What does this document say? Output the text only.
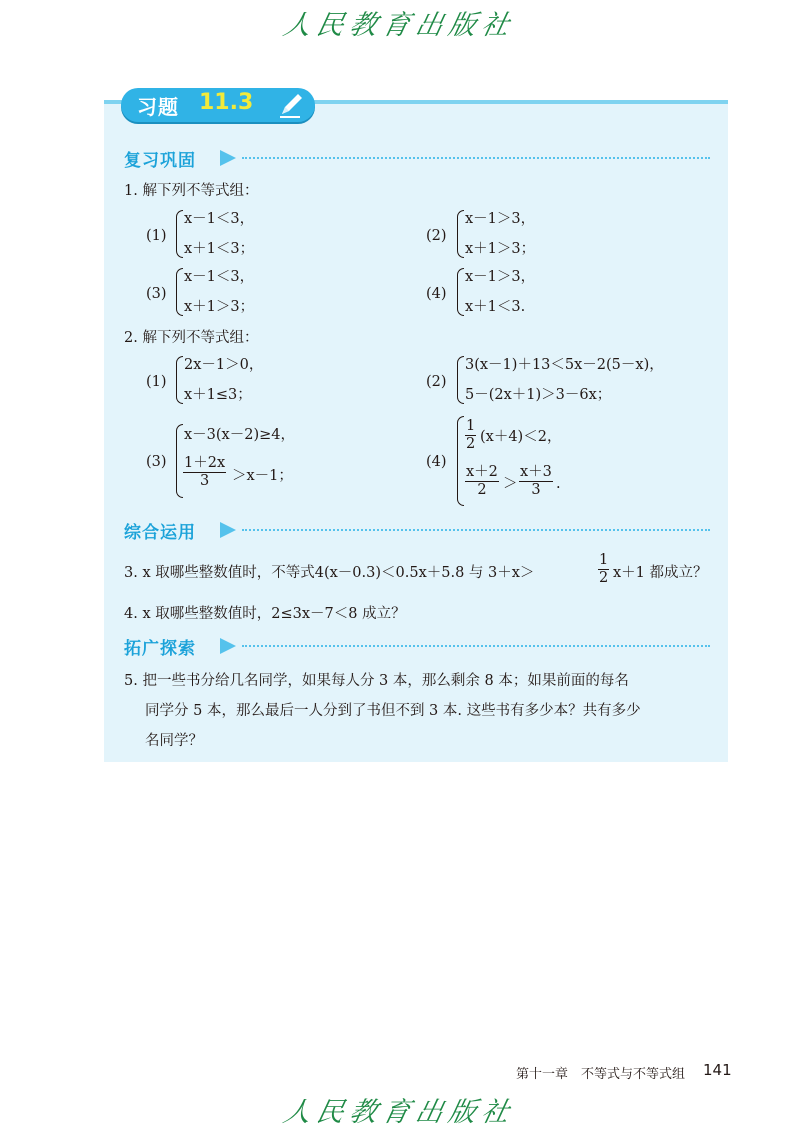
人民教育出版社
习题 11.3
复习巩固
1. 解下列不等式组：
(1)
x－1＜3，
x＋1＜3；
(2)
x－1＞3，
x＋1＞3；
(3)
x－1＜3，
x＋1＞3；
(4)
x－1＞3，
x＋1＜3.
2. 解下列不等式组：
(1)
2x－1＞0，
x＋1≤3；
(2)
3(x－1)＋13＜5x－2(5－x)，
5－(2x＋1)＞3－6x；
(3)
x－3(x－2)≥4，
$\frac{1+2x}{3} >x-1$；
(4)
$\frac{1}{2} (x+4)<2$，
$\frac{x+2}{2} > \frac{x+3}{3}$ .
综合运用
3. x 取哪些整数值时，不等式4(x－0.3)＜0.5x＋5.8 与 3＋x＞	$\frac{1}{2} x+1$ 都成立？
4. x 取哪些整数值时，2≤3x－7＜8 成立？
拓广探索
5. 把一些书分给几名同学，如果每人分 3 本，那么剩余 8 本；如果前面的每名
同学分 5 本，那么最后一人分到了书但不到 3 本. 这些书有多少本？共有多少
名同学？
第十一章　不等式与不等式组 141
人民教育出版社
